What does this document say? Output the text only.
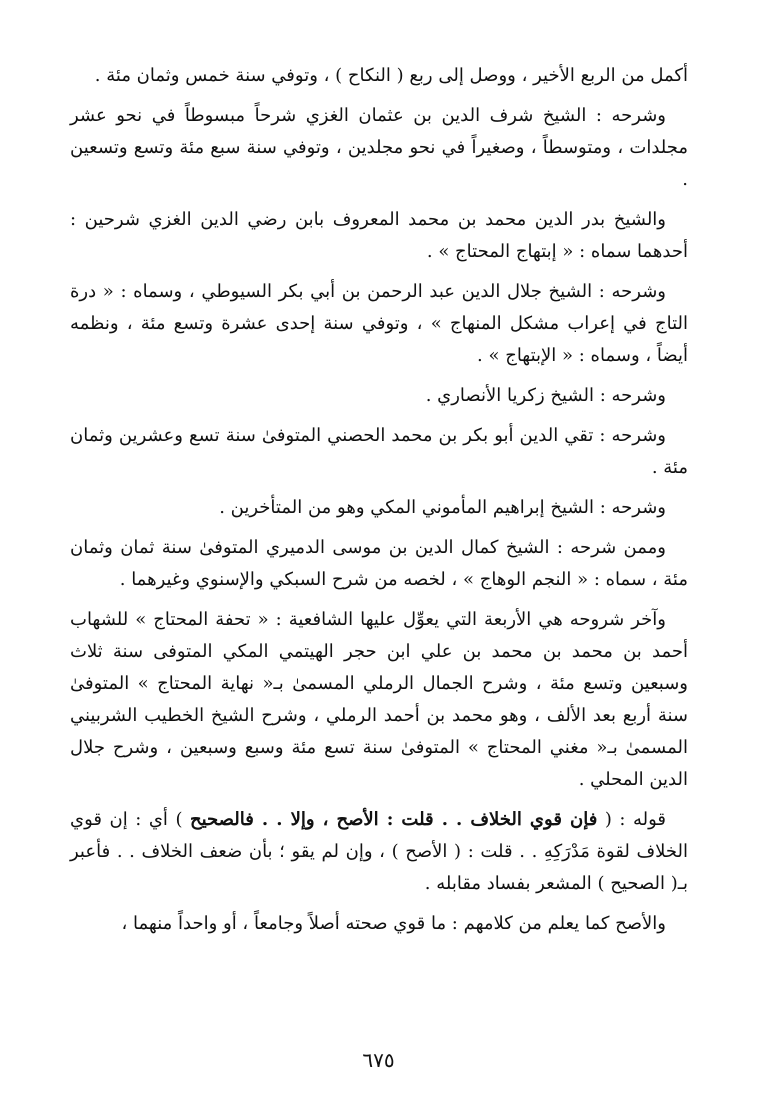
أكمل من الربع الأخير ، ووصل إلى ربع ( النكاح ) ، وتوفي سنة خمس وثمان مئة .

وشرحه : الشيخ شرف الدين بن عثمان الغزي شرحاً مبسوطاً في نحو عشر مجلدات ، ومتوسطاً ، وصغيراً في نحو مجلدين ، وتوفي سنة سبع مئة وتسع وتسعين .

والشيخ بدر الدين محمد بن محمد المعروف بابن رضي الدين الغزي شرحين : أحدهما سماه : « إبتهاج المحتاج » .

وشرحه : الشيخ جلال الدين عبد الرحمن بن أبي بكر السيوطي ، وسماه : « درة التاج في إعراب مشكل المنهاج » ، وتوفي سنة إحدى عشرة وتسع مئة ، ونظمه أيضاً ، وسماه : « الإبتهاج » .

وشرحه : الشيخ زكريا الأنصاري .

وشرحه : تقي الدين أبو بكر بن محمد الحصني المتوفىٰ سنة تسع وعشرين وثمان مئة .

وشرحه : الشيخ إبراهيم المأموني المكي وهو من المتأخرين .

وممن شرحه : الشيخ كمال الدين بن موسى الدميري المتوفىٰ سنة ثمان وثمان مئة ، سماه : « النجم الوهاج » ، لخصه من شرح السبكي والإسنوي وغيرهما .

وآخر شروحه هي الأربعة التي يعوِّل عليها الشافعية : « تحفة المحتاج » للشهاب أحمد بن محمد بن محمد بن علي ابن حجر الهيتمي المكي المتوفى سنة ثلاث وسبعين وتسع مئة ، وشرح الجمال الرملي المسمىٰ بـ« نهاية المحتاج » المتوفىٰ سنة أربع بعد الألف ، وهو محمد بن أحمد الرملي ، وشرح الشيخ الخطيب الشربيني المسمىٰ بـ« مغني المحتاج » المتوفىٰ سنة تسع مئة وسبع وسبعين ، وشرح جلال الدين المحلي .

قوله : ( فإن قوي الخلاف . . قلت : الأصح ، وإلا . . فالصحيح ) أي : إن قوي الخلاف لقوة مَدْرَكِهِ . . قلت : ( الأصح ) ، وإن لم يقو ؛ بأن ضعف الخلاف . . فأعبر بـ( الصحيح ) المشعر بفساد مقابله .

والأصح كما يعلم من كلامهم : ما قوي صحته أصلاً وجامعاً ، أو واحداً منهما ،

٦٧٥
